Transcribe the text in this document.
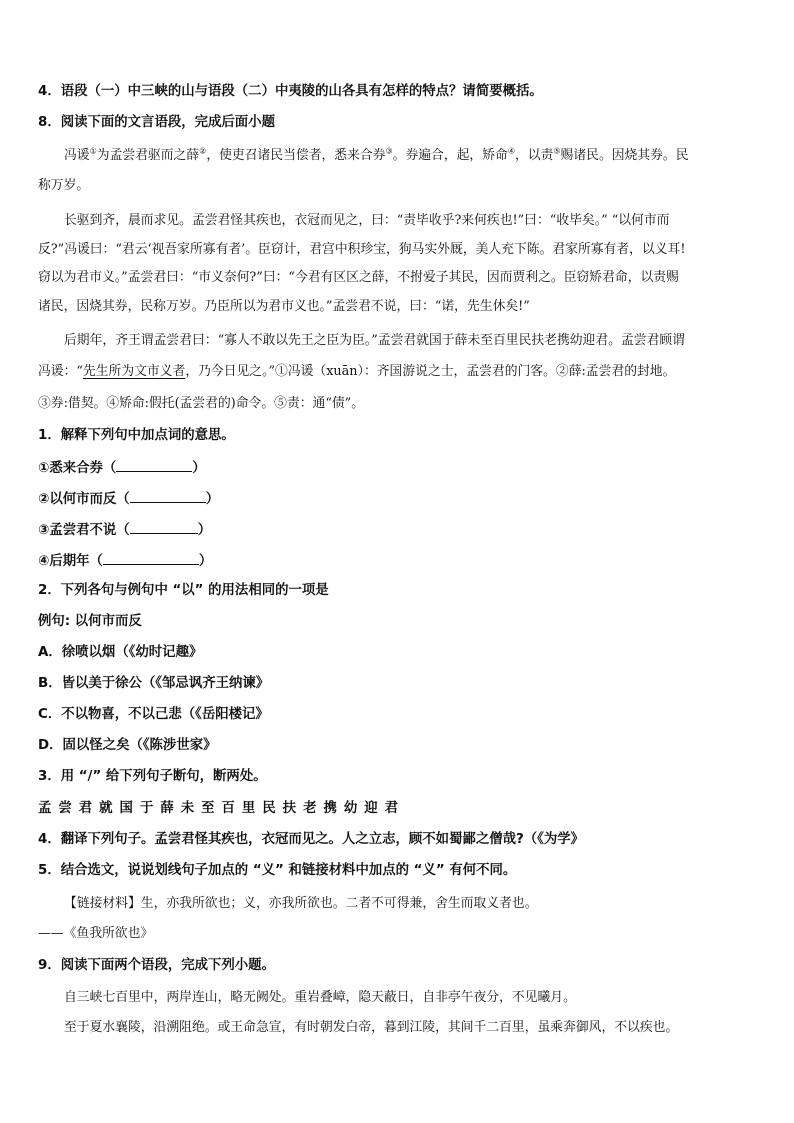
4．语段（一）中三峡的山与语段（二）中夷陵的山各具有怎样的特点？请简要概括。
8．阅读下面的文言语段，完成后面小题
冯谖①为孟尝君驱而之薛②，使吏召诸民当偿者，悉来合券③。券遍合，起，矫命④，以责⑤赐诸民。因烧其券。民
称万岁。
长驱到齐，晨而求见。孟尝君怪其疾也，衣冠而见之，曰：“责毕收乎?来何疾也!”曰：“收毕矣。” “以何市而
反?”冯谖曰：“君云‘视吾家所寡有者’。臣窃计，君宫中积珍宝，狗马实外厩，美人充下陈。君家所寡有者，以义耳!
窃以为君市义。”孟尝君曰：“市义奈何?”曰：“今君有区区之薛，不拊爱子其民，因而贾利之。臣窃矫君命，以责赐
诸民，因烧其券，民称万岁。乃臣所以为君市义也。”孟尝君不说，曰：“诺，先生休矣!”
后期年，齐王谓孟尝君曰：“寡人不敢以先王之臣为臣。”孟尝君就国于薛未至百里民扶老携幼迎君。孟尝君顾谓
冯谖：“先生所为文市义者，乃今日见之。”①冯谖（xuān）：齐国游说之士，孟尝君的门客。②薛:孟尝君的封地。
③券:借契。④矫命:假托(孟尝君的)命令。⑤责：通“债”。
1．解释下列句中加点词的意思。
①悉来合券（	）
②以何市而反（	）
③孟尝君不说（	）
④后期年（	）
2．下列各句与例句中 “以” 的用法相同的一项是
例句: 以何市而反
A．徐喷以烟（《幼时记趣》
B．皆以美于徐公（《邹忌讽齐王纳谏》
C．不以物喜，不以己悲（《岳阳楼记》
D．固以怪之矣（《陈涉世家》
3．用 “/” 给下列句子断句，断两处。
孟尝君就国于薛未至百里民扶老携幼迎君
4．翻译下列句子。孟尝君怪其疾也，衣冠而见之。人之立志，顾不如蜀鄙之僧哉?（《为学》
5．结合选文，说说划线句子加点的 “义” 和链接材料中加点的 “义” 有何不同。
【链接材料】生，亦我所欲也；义，亦我所欲也。二者不可得兼，舍生而取义者也。
——《鱼我所欲也》
9．阅读下面两个语段，完成下列小题。
自三峡七百里中，两岸连山，略无阙处。重岩叠嶂，隐天蔽日，自非亭午夜分，不见曦月。
至于夏水襄陵，沿溯阻绝。或王命急宣，有时朝发白帝，暮到江陵，其间千二百里，虽乘奔御风，不以疾也。
